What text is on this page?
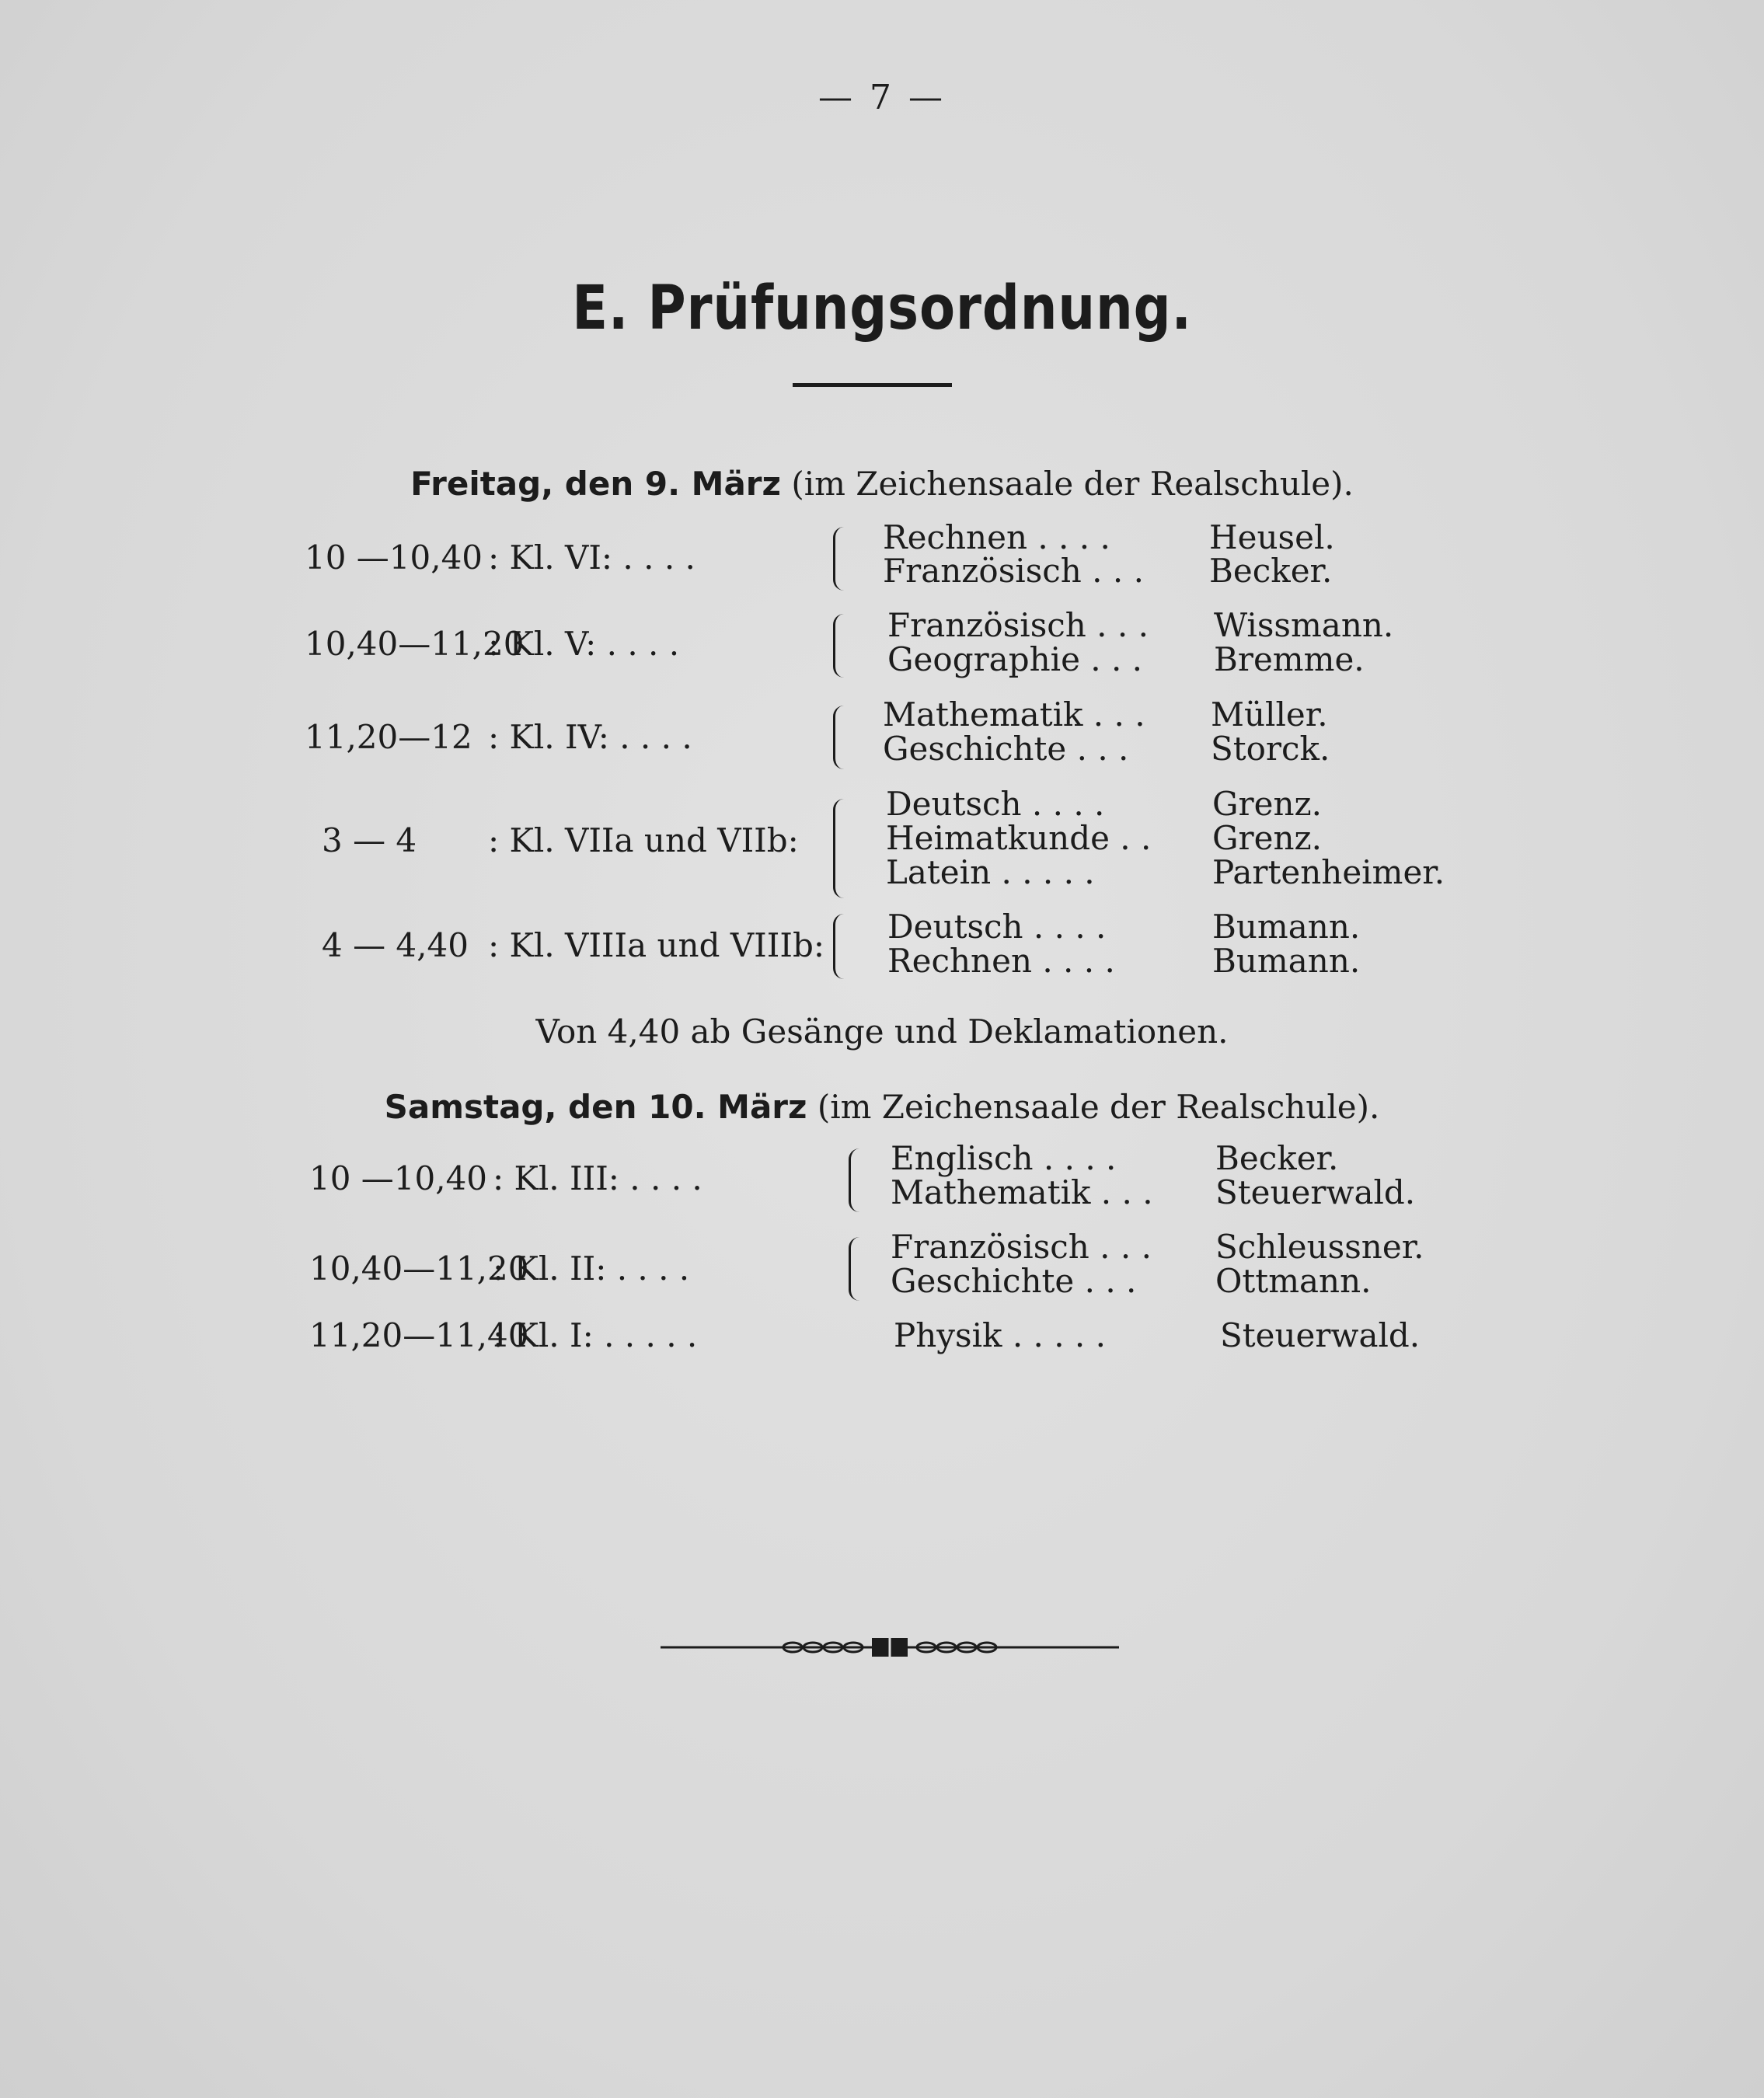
— 7 —
E. Prüfungsordnung.
Freitag, den 9. März (im Zeichensaale der Realschule).
10 —10,40 : Kl. VI: . . . .
Rechnen . . . .	Heusel.
Französisch . . . Becker.
10,40—11,20
: Kl. V: . . . .	Französisch . . . Wissmann.
Geographie . . . Bremme.
11,20—12 : Kl. IV: . . . .
Mathematik . . . Müller.
Geschichte . . .	Storck.
3 — 4 : Kl. VIIa und VIIb:
Deutsch . . . .	Grenz.
Heimatkunde . . Grenz.
Latein . . . . .	Partenheimer.
4 — 4,40 : Kl. VIIIa und VIIIb: Deutsch . . . .	Bumann.
Rechnen . . . .	Bumann.
Von 4,40 ab Gesänge und Deklamationen.
Samstag, den 10. März (im Zeichensaale der Realschule).
10 —10,40 : Kl. III: . . . .
Englisch . . . .	Becker.
Mathematik . . . Steuerwald.
10,40—11,20
: Kl. II: . . . .
Französisch . . . Schleussner.
Geschichte . . . Ottmann.
11,20—11,40
: Kl. I: . . . . .	Physik . . . . .	Steuerwald.
